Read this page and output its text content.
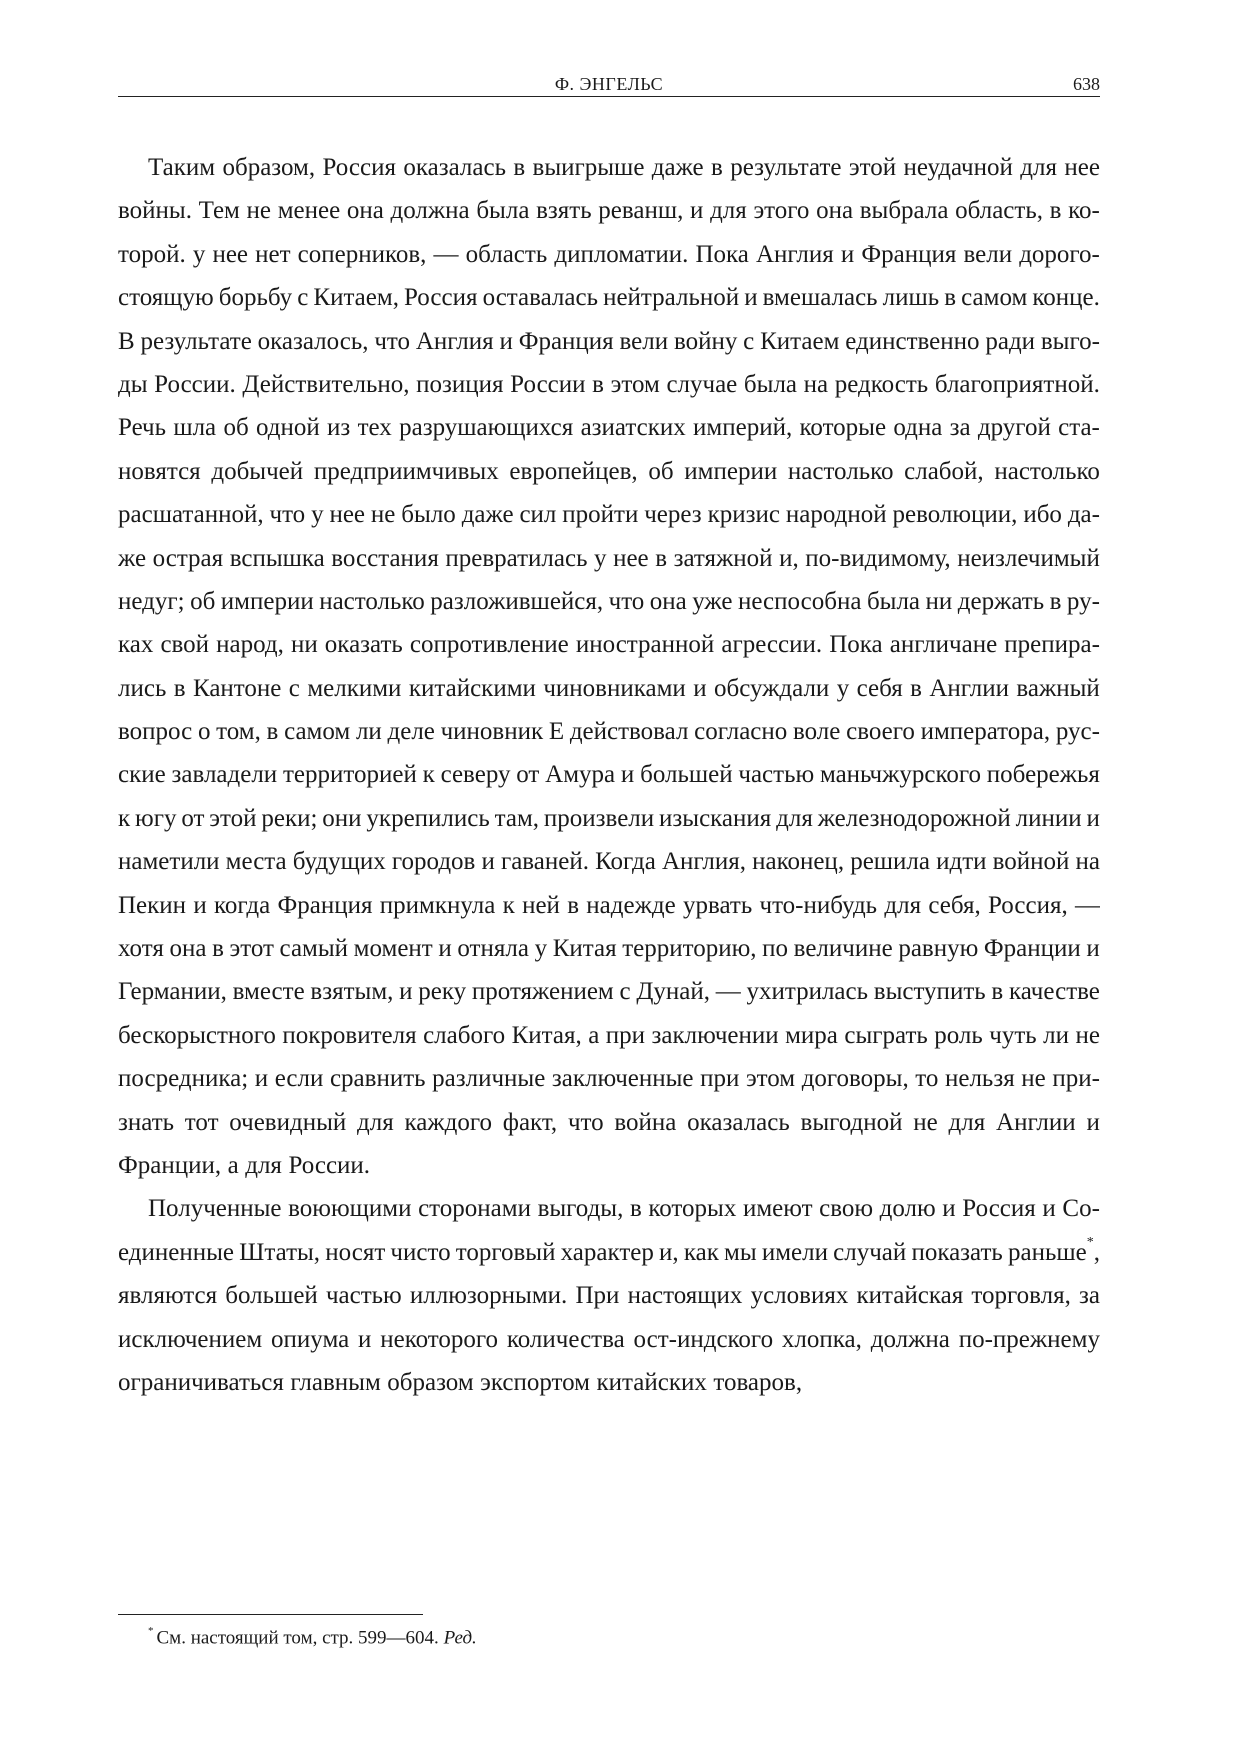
Ф. ЭНГЕЛЬС	638
Таким образом, Россия оказалась в выигрыше даже в результате этой неудачной для нее
войны. Тем не менее она должна была взять реванш, и для этого она выбрала область, в ко-
торой. у нее нет соперников, — область дипломатии. Пока Англия и Франция вели дорого-
стоящую борьбу с Китаем, Россия оставалась нейтральной и вмешалась лишь в самом конце.
В результате оказалось, что Англия и Франция вели войну с Китаем единственно ради выго-
ды России. Действительно, позиция России в этом случае была на редкость благоприятной.
Речь шла об одной из тех разрушающихся азиатских империй, которые одна за другой ста-
новятся добычей предприимчивых европейцев, об империи настолько слабой, настолько
расшатанной, что у нее не было даже сил пройти через кризис народной революции, ибо да-
же острая вспышка восстания превратилась у нее в затяжной и, по-видимому, неизлечимый
недуг; об империи настолько разложившейся, что она уже неспособна была ни держать в ру-
ках свой народ, ни оказать сопротивление иностранной агрессии. Пока англичане препира-
лись в Кантоне с мелкими китайскими чиновниками и обсуждали у себя в Англии важный
вопрос о том, в самом ли деле чиновник Е действовал согласно воле своего императора, рус-
ские завладели территорией к северу от Амура и большей частью маньчжурского побережья
к югу от этой реки; они укрепились там, произвели изыскания для железнодорожной линии и
наметили места будущих городов и гаваней. Когда Англия, наконец, решила идти войной на
Пекин и когда Франция примкнула к ней в надежде урвать что-нибудь для себя, Россия, —
хотя она в этот самый момент и отняла у Китая территорию, по величине равную Франции и
Германии, вместе взятым, и реку протяжением с Дунай, — ухитрилась выступить в качестве
бескорыстного покровителя слабого Китая, а при заключении мира сыграть роль чуть ли не
посредника; и если сравнить различные заключенные при этом договоры, то нельзя не при-
знать тот очевидный для каждого факт, что война оказалась выгодной не для Англии и
Франции, а для России.
Полученные воюющими сторонами выгоды, в которых имеют свою долю и Россия и Со-
единенные Штаты, носят чисто торговый характер и, как мы имели случай показать раньше*,
являются большей частью иллюзорными. При настоящих условиях китайская торговля, за
исключением опиума и некоторого количества ост-индского хлопка, должна по-прежнему
ограничиваться главным образом экспортом китайских товаров,
* См. настоящий том, стр. 599—604. Ред.
